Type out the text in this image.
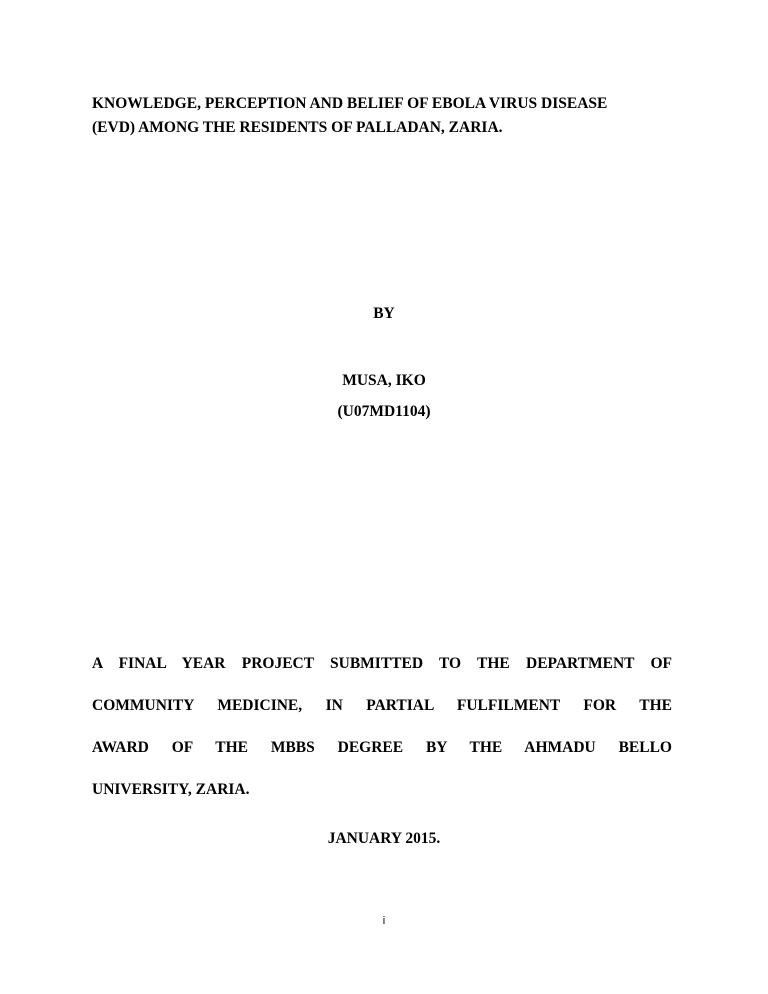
KNOWLEDGE, PERCEPTION AND BELIEF OF EBOLA VIRUS DISEASE
(EVD) AMONG THE RESIDENTS OF PALLADAN, ZARIA.

BY

MUSA, IKO

(U07MD1104)

A FINAL YEAR PROJECT SUBMITTED TO THE DEPARTMENT OF
COMMUNITY MEDICINE, IN PARTIAL FULFILMENT FOR THE
AWARD OF THE MBBS DEGREE BY THE AHMADU BELLO
UNIVERSITY, ZARIA.

JANUARY 2015.

i
